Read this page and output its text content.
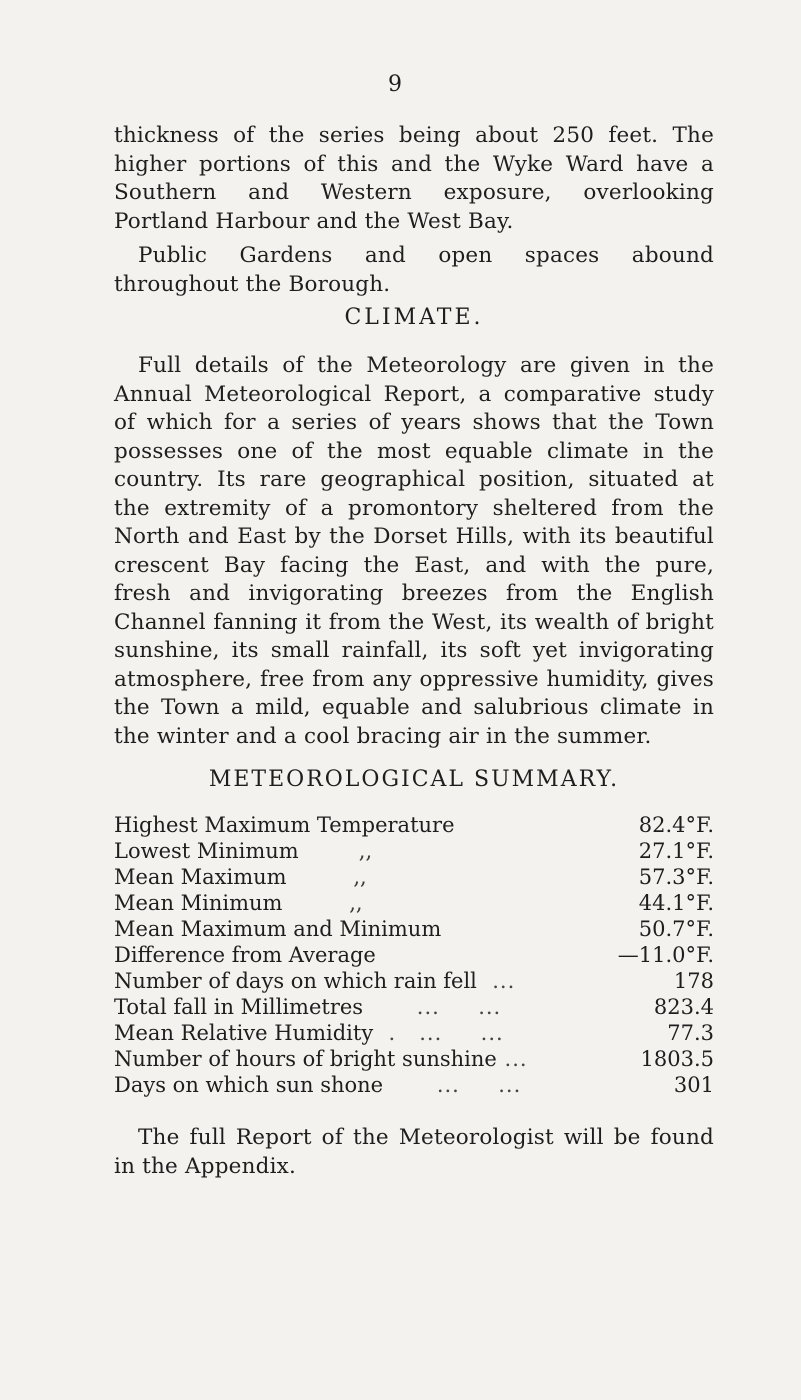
9

thickness of the series being about 250 feet. The higher portions of this and the Wyke Ward have a Southern and Western exposure, overlooking Portland Harbour and the West Bay.

Public Gardens and open spaces abound throughout the Borough.

CLIMATE.

Full details of the Meteorology are given in the Annual Meteorological Report, a comparative study of which for a series of years shows that the Town possesses one of the most equable climate in the country. Its rare geographical position, situated at the extremity of a promontory sheltered from the North and East by the Dorset Hills, with its beautiful crescent Bay facing the East, and with the pure, fresh and invigorating breezes from the English Channel fanning it from the West, its wealth of bright sunshine, its small rainfall, its soft yet invigorating atmosphere, free from any oppressive humidity, gives the Town a mild, equable and salubrious climate in the winter and a cool bracing air in the summer.

METEOROLOGICAL SUMMARY.
Highest Maximum Temperature	82.4°F.
Lowest Minimum         ,,	27.1°F.
Mean Maximum          ,,	57.3°F.
Mean Minimum          ,,	44.1°F.
Mean Maximum and Minimum	50.7°F.
Difference from Average	—11.0°F.
Number of days on which rain fell  ...	178
Total fall in Millimetres       ...     ...	823.4
Mean Relative Humidity  .   ...     ...	77.3
Number of hours of bright sunshine ...	1803.5
Days on which sun shone       ...     ...	301

The full Report of the Meteorologist will be found in the Appendix.
